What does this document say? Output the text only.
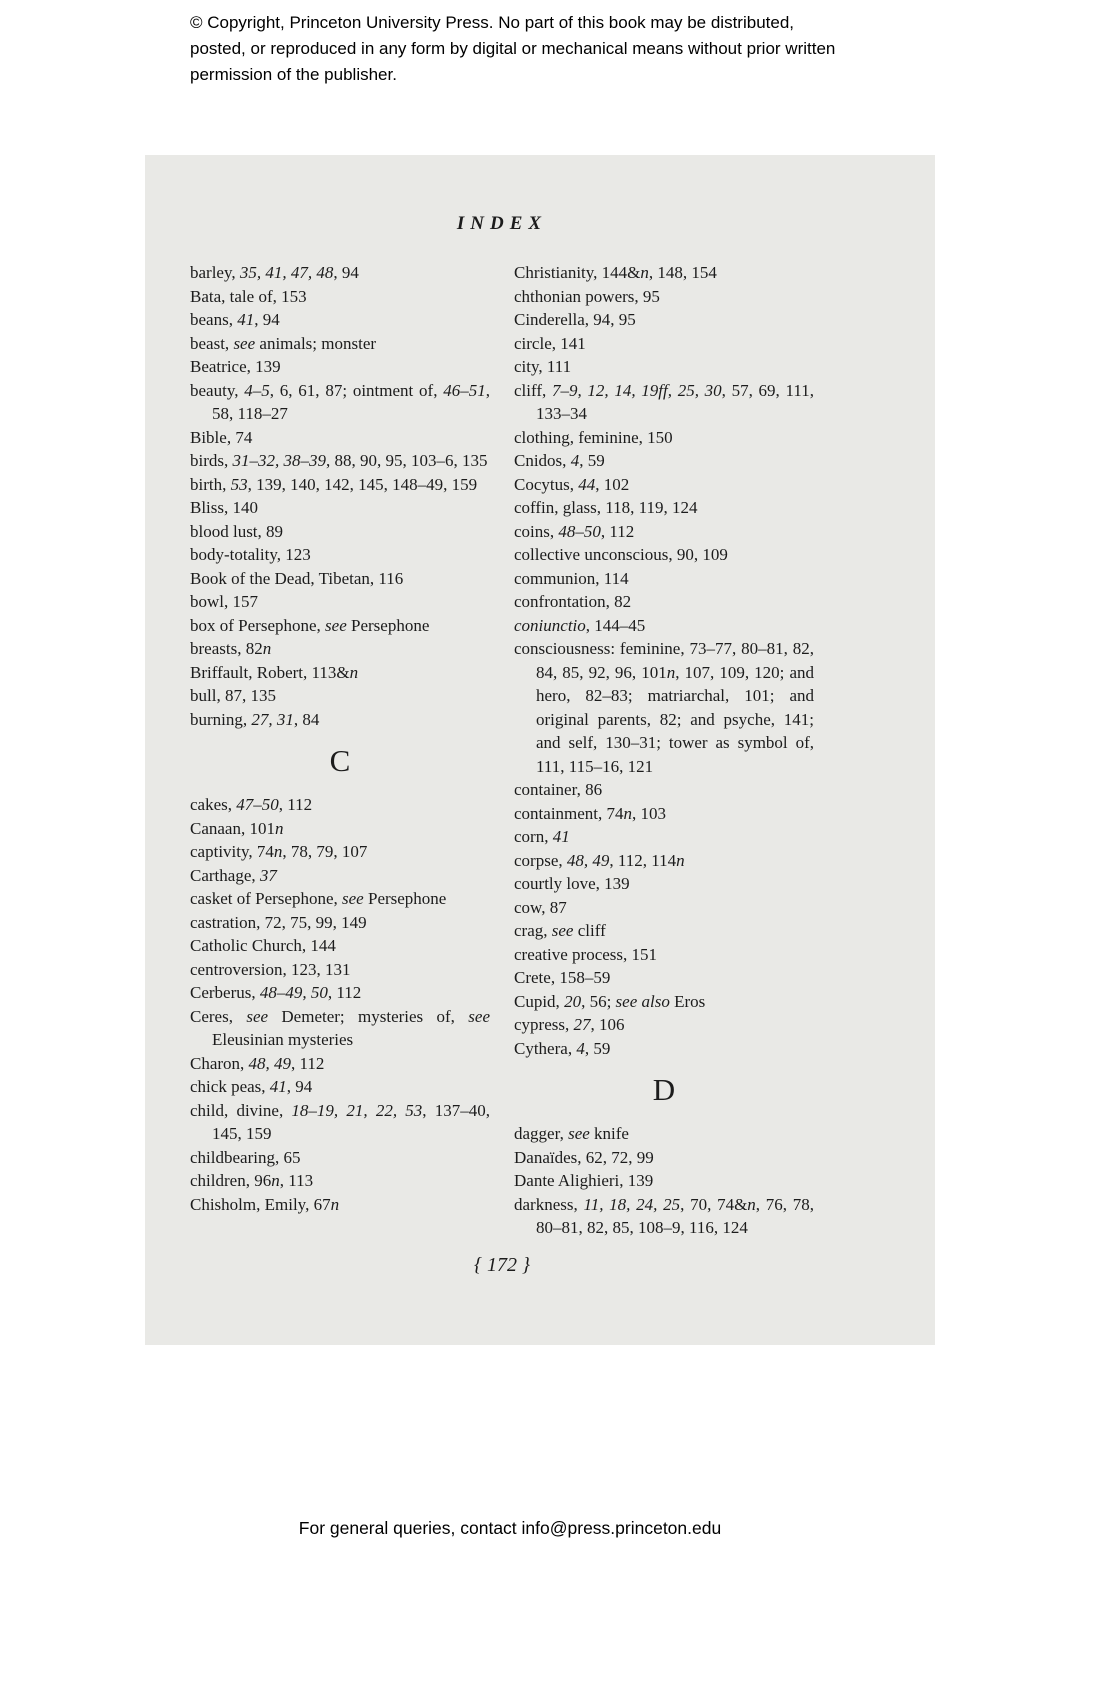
© Copyright, Princeton University Press. No part of this book may be distributed, posted, or reproduced in any form by digital or mechanical means without prior written permission of the publisher.
INDEX
barley, 35, 41, 47, 48, 94
Bata, tale of, 153
beans, 41, 94
beast, see animals; monster
Beatrice, 139
beauty, 4–5, 6, 61, 87; ointment of, 46–51, 58, 118–27
Bible, 74
birds, 31–32, 38–39, 88, 90, 95, 103–6, 135
birth, 53, 139, 140, 142, 145, 148–49, 159
Bliss, 140
blood lust, 89
body-totality, 123
Book of the Dead, Tibetan, 116
bowl, 157
box of Persephone, see Persephone
breasts, 82n
Briffault, Robert, 113&n
bull, 87, 135
burning, 27, 31, 84
C
cakes, 47–50, 112
Canaan, 101n
captivity, 74n, 78, 79, 107
Carthage, 37
casket of Persephone, see Persephone
castration, 72, 75, 99, 149
Catholic Church, 144
centroversion, 123, 131
Cerberus, 48–49, 50, 112
Ceres, see Demeter; mysteries of, see Eleusinian mysteries
Charon, 48, 49, 112
chick peas, 41, 94
child, divine, 18–19, 21, 22, 53, 137–40, 145, 159
childbearing, 65
children, 96n, 113
Chisholm, Emily, 67n
Christianity, 144&n, 148, 154
chthonian powers, 95
Cinderella, 94, 95
circle, 141
city, 111
cliff, 7–9, 12, 14, 19ff, 25, 30, 57, 69, 111, 133–34
clothing, feminine, 150
Cnidos, 4, 59
Cocytus, 44, 102
coffin, glass, 118, 119, 124
coins, 48–50, 112
collective unconscious, 90, 109
communion, 114
confrontation, 82
coniunctio, 144–45
consciousness: feminine, 73–77, 80–81, 82, 84, 85, 92, 96, 101n, 107, 109, 120; and hero, 82–83; matriarchal, 101; and original parents, 82; and psyche, 141; and self, 130–31; tower as symbol of, 111, 115–16, 121
container, 86
containment, 74n, 103
corn, 41
corpse, 48, 49, 112, 114n
courtly love, 139
cow, 87
crag, see cliff
creative process, 151
Crete, 158–59
Cupid, 20, 56; see also Eros
cypress, 27, 106
Cythera, 4, 59
D
dagger, see knife
Danaïdes, 62, 72, 99
Dante Alighieri, 139
darkness, 11, 18, 24, 25, 70, 74&n, 76, 78, 80–81, 82, 85, 108–9, 116, 124
{ 172 }
For general queries, contact info@press.princeton.edu
